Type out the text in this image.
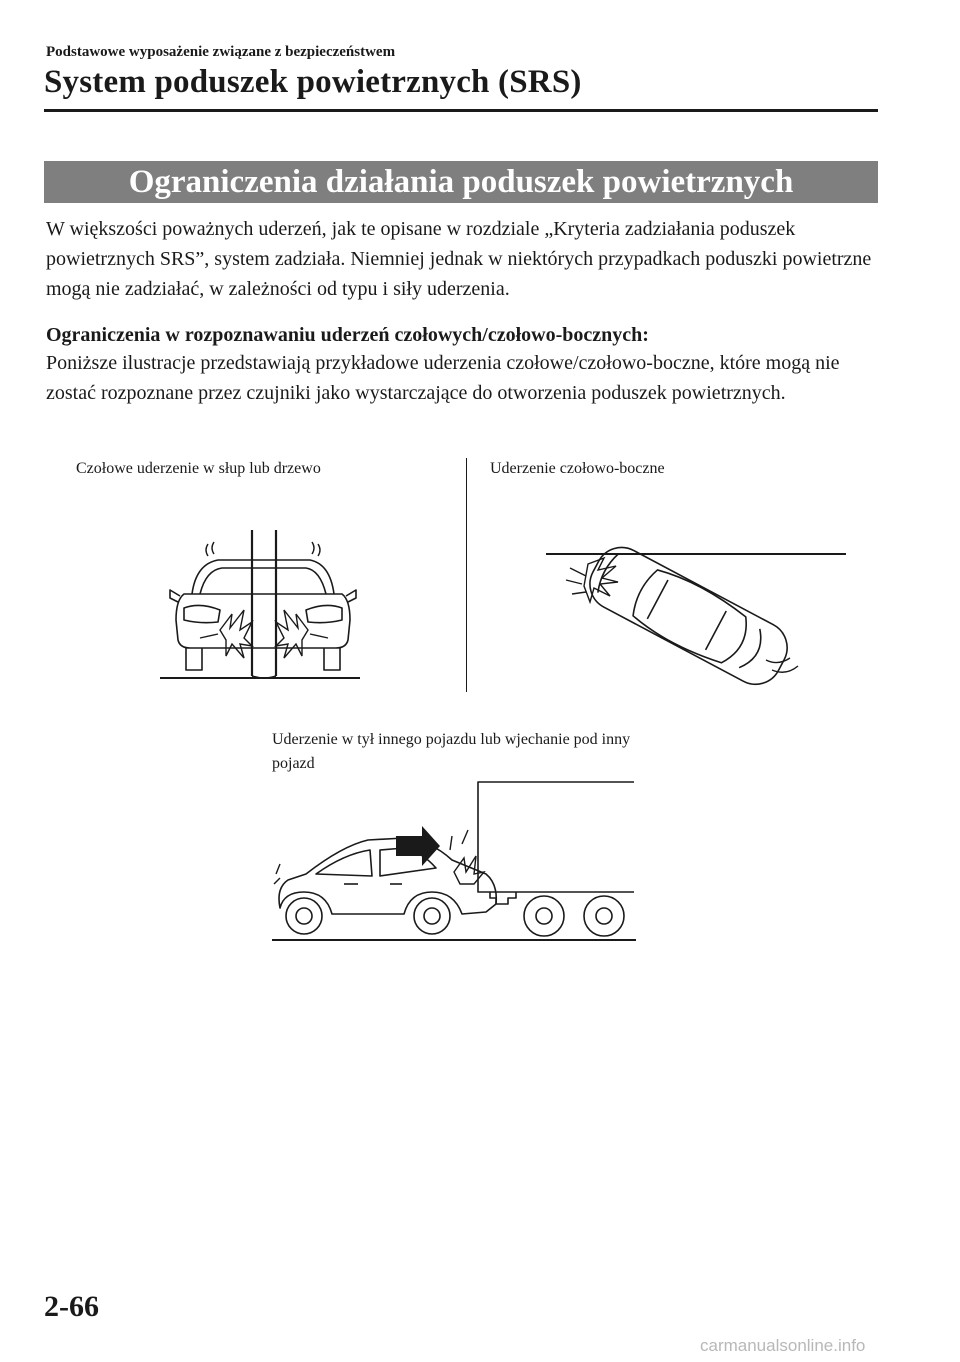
Podstawowe wyposażenie związane z bezpieczeństwem
System poduszek powietrznych (SRS)
Ograniczenia działania poduszek powietrznych
W większości poważnych uderzeń, jak te opisane w rozdziale „Kryteria zadziałania poduszek powietrznych SRS”, system zadziała. Niemniej jednak w niektórych przypadkach poduszki powietrzne mogą nie zadziałać, w zależności od typu i siły uderzenia.
Ograniczenia w rozpoznawaniu uderzeń czołowych/czołowo-bocznych:
Poniższe ilustracje przedstawiają przykładowe uderzenia czołowe/czołowo-boczne, które mogą nie zostać rozpoznane przez czujniki jako wystarczające do otworzenia poduszek powietrznych.
Czołowe uderzenie w słup lub drzewo	Uderzenie czołowo-boczne
Uderzenie w tył innego pojazdu lub wjechanie pod inny pojazd
2-66
carmanualsonline.info
